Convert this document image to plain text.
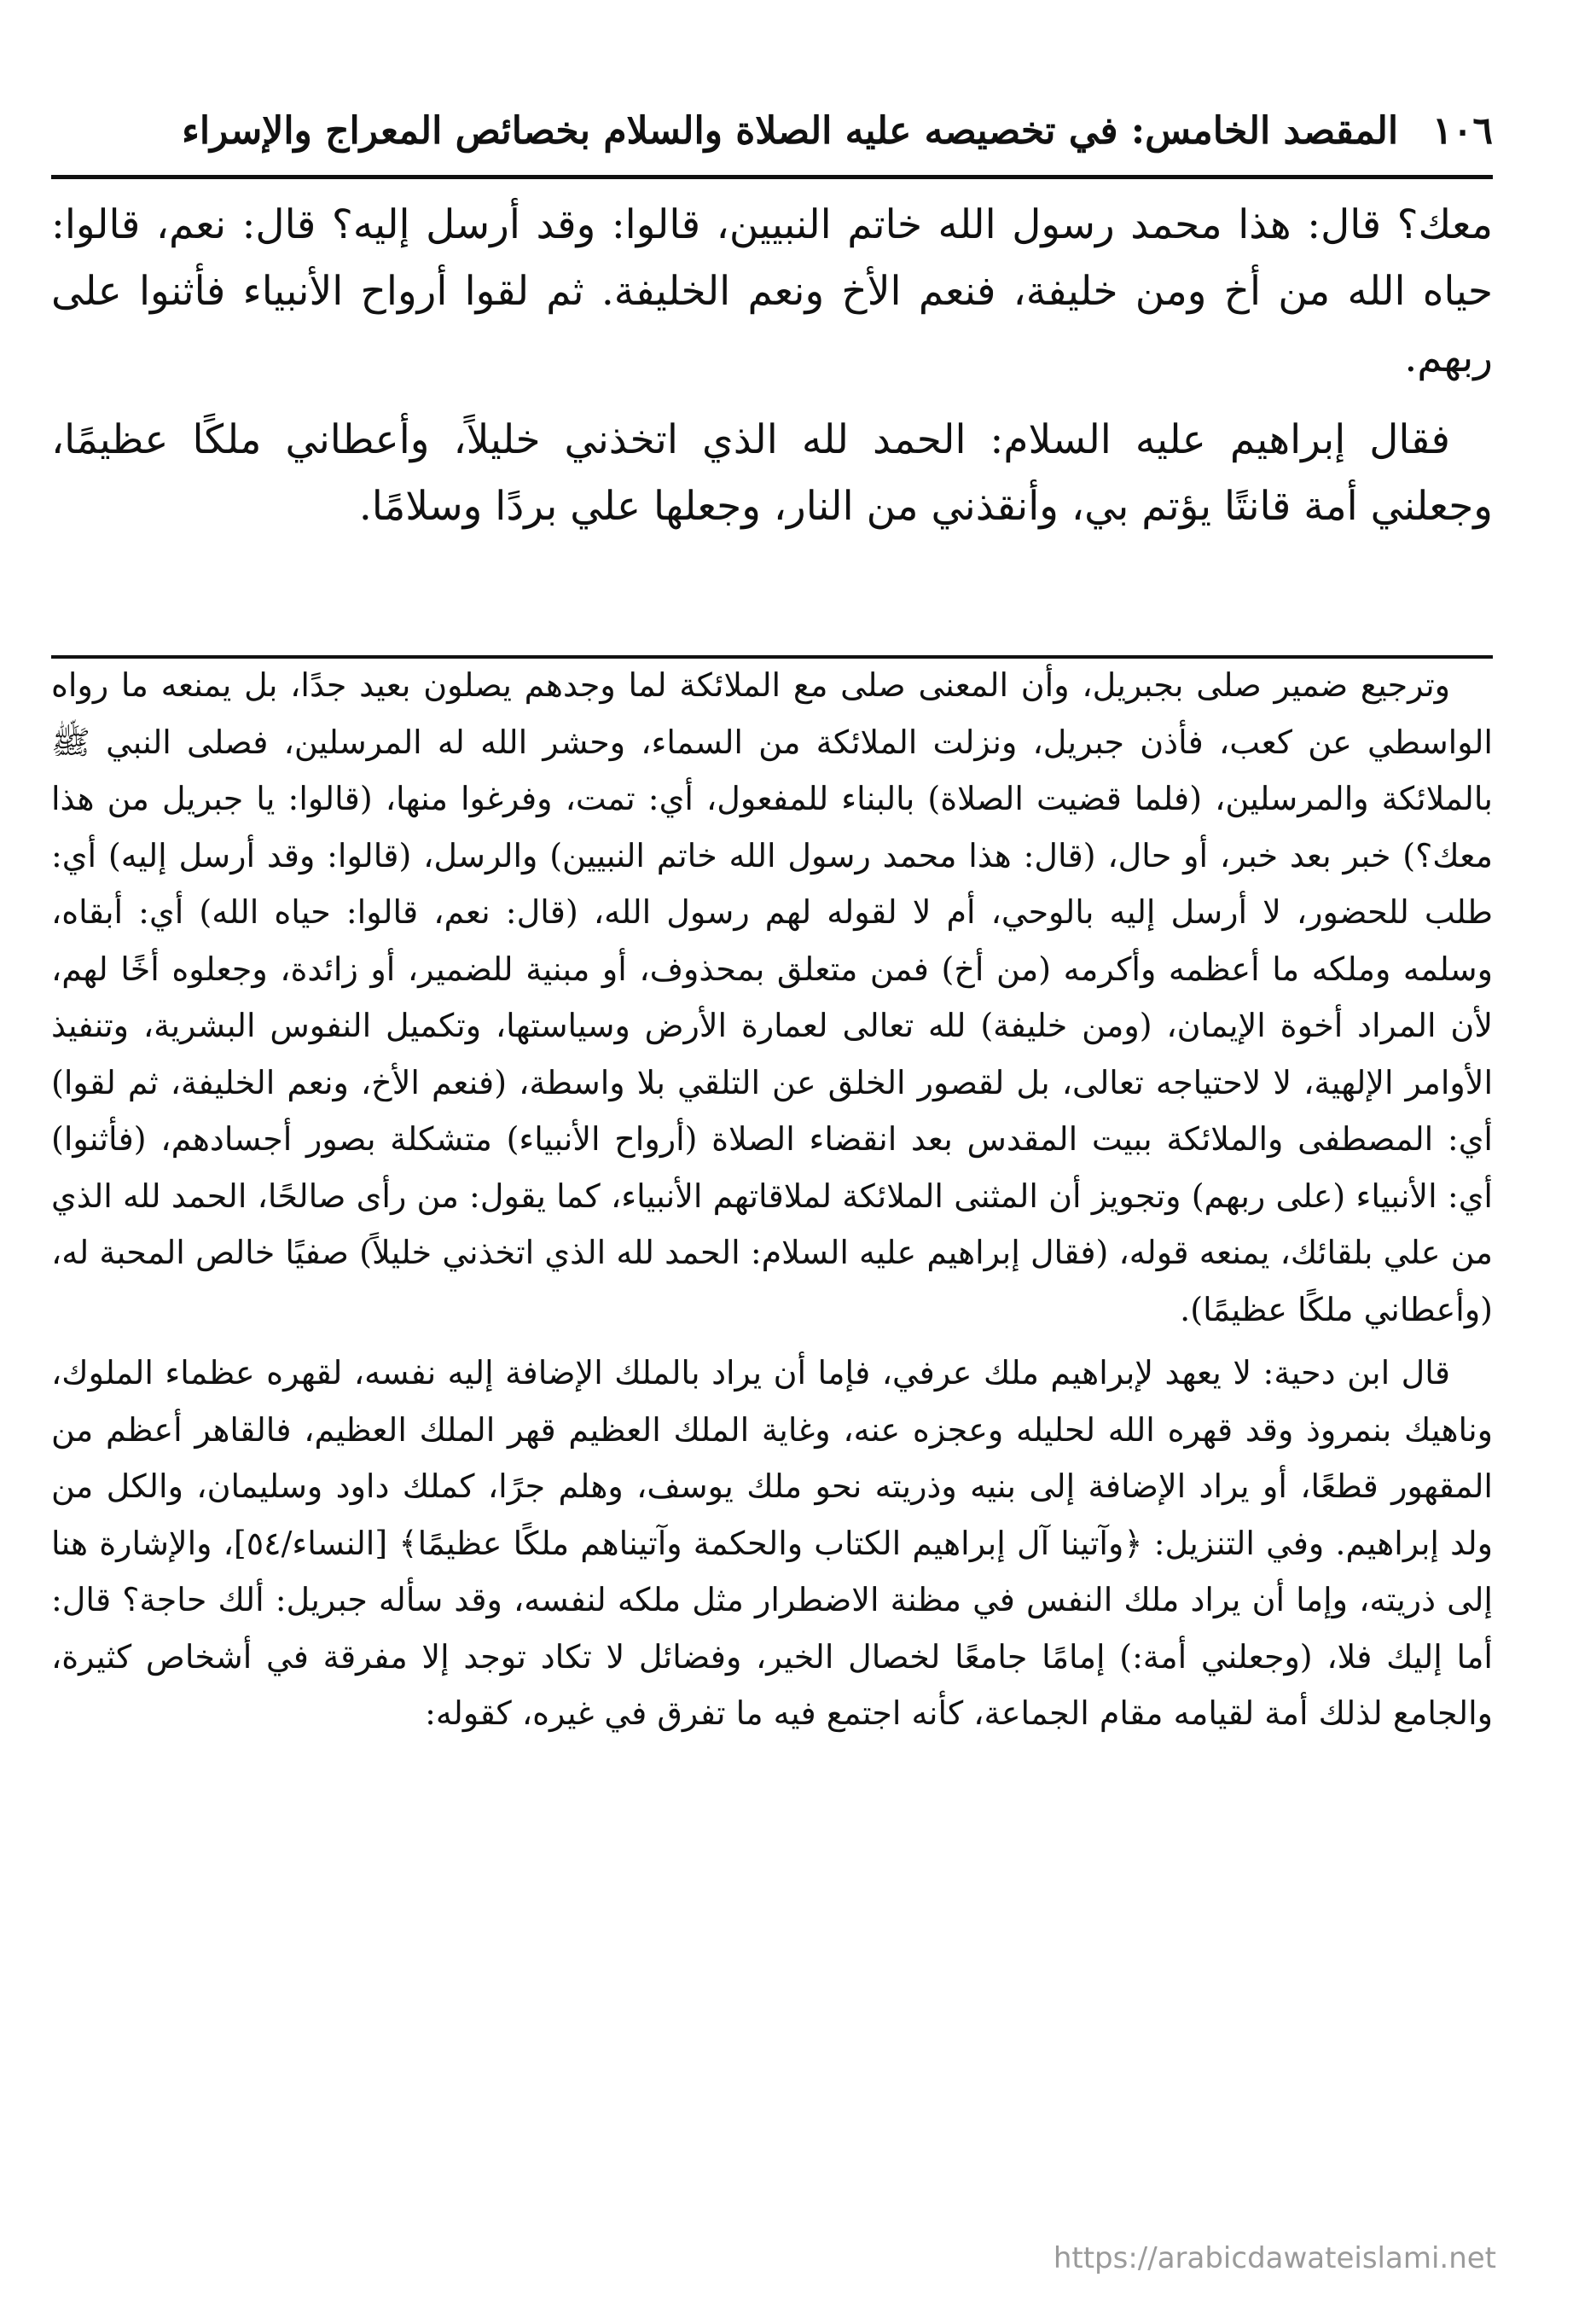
١٠٦
المقصد الخامس: في تخصيصه عليه الصلاة والسلام بخصائص المعراج والإسراء

معك؟ قال: هذا محمد رسول الله خاتم النبيين، قالوا: وقد أرسل إليه؟ قال: نعم، قالوا: حياه الله من أخ ومن خليفة، فنعم الأخ ونعم الخليفة. ثم لقوا أرواح الأنبياء فأثنوا على ربهم.

فقال إبراهيم عليه السلام: الحمد لله الذي اتخذني خليلاً، وأعطاني ملكًا عظيمًا، وجعلني أمة قانتًا يؤتم بي، وأنقذني من النار، وجعلها علي بردًا وسلامًا.

وترجيع ضمير صلى بجبريل، وأن المعنى صلى مع الملائكة لما وجدهم يصلون بعيد جدًا، بل يمنعه ما رواه الواسطي عن كعب، فأذن جبريل، ونزلت الملائكة من السماء، وحشر الله له المرسلين، فصلى النبي ﷺ بالملائكة والمرسلين، (فلما قضيت الصلاة) بالبناء للمفعول، أي: تمت، وفرغوا منها، (قالوا: يا جبريل من هذا معك؟) خبر بعد خبر، أو حال، (قال: هذا محمد رسول الله خاتم النبيين) والرسل، (قالوا: وقد أرسل إليه) أي: طلب للحضور، لا أرسل إليه بالوحي، أم لا لقوله لهم رسول الله، (قال: نعم، قالوا: حياه الله) أي: أبقاه، وسلمه وملكه ما أعظمه وأكرمه (من أخ) فمن متعلق بمحذوف، أو مبنية للضمير، أو زائدة، وجعلوه أخًا لهم، لأن المراد أخوة الإيمان، (ومن خليفة) لله تعالى لعمارة الأرض وسياستها، وتكميل النفوس البشرية، وتنفيذ الأوامر الإلهية، لا لاحتياجه تعالى، بل لقصور الخلق عن التلقي بلا واسطة، (فنعم الأخ، ونعم الخليفة، ثم لقوا) أي: المصطفى والملائكة ببيت المقدس بعد انقضاء الصلاة (أرواح الأنبياء) متشكلة بصور أجسادهم، (فأثنوا) أي: الأنبياء (على ربهم) وتجويز أن المثنى الملائكة لملاقاتهم الأنبياء، كما يقول: من رأى صالحًا، الحمد لله الذي من علي بلقائك، يمنعه قوله، (فقال إبراهيم عليه السلام: الحمد لله الذي اتخذني خليلاً) صفيًا خالص المحبة له، (وأعطاني ملكًا عظيمًا).

قال ابن دحية: لا يعهد لإبراهيم ملك عرفي، فإما أن يراد بالملك الإضافة إليه نفسه، لقهره عظماء الملوك، وناهيك بنمروذ وقد قهره الله لحليله وعجزه عنه، وغاية الملك العظيم قهر الملك العظيم، فالقاهر أعظم من المقهور قطعًا، أو يراد الإضافة إلى بنيه وذريته نحو ملك يوسف، وهلم جرًا، كملك داود وسليمان، والكل من ولد إبراهيم. وفي التنزيل: ﴿وآتينا آل إبراهيم الكتاب والحكمة وآتيناهم ملكًا عظيمًا﴾ [النساء/٥٤]، والإشارة هنا إلى ذريته، وإما أن يراد ملك النفس في مظنة الاضطرار مثل ملكه لنفسه، وقد سأله جبريل: ألك حاجة؟ قال: أما إليك فلا، (وجعلني أمة:) إمامًا جامعًا لخصال الخير، وفضائل لا تكاد توجد إلا مفرقة في أشخاص كثيرة، والجامع لذلك أمة لقيامه مقام الجماعة، كأنه اجتمع فيه ما تفرق في غيره، كقوله:

https://arabicdawateislami.net
